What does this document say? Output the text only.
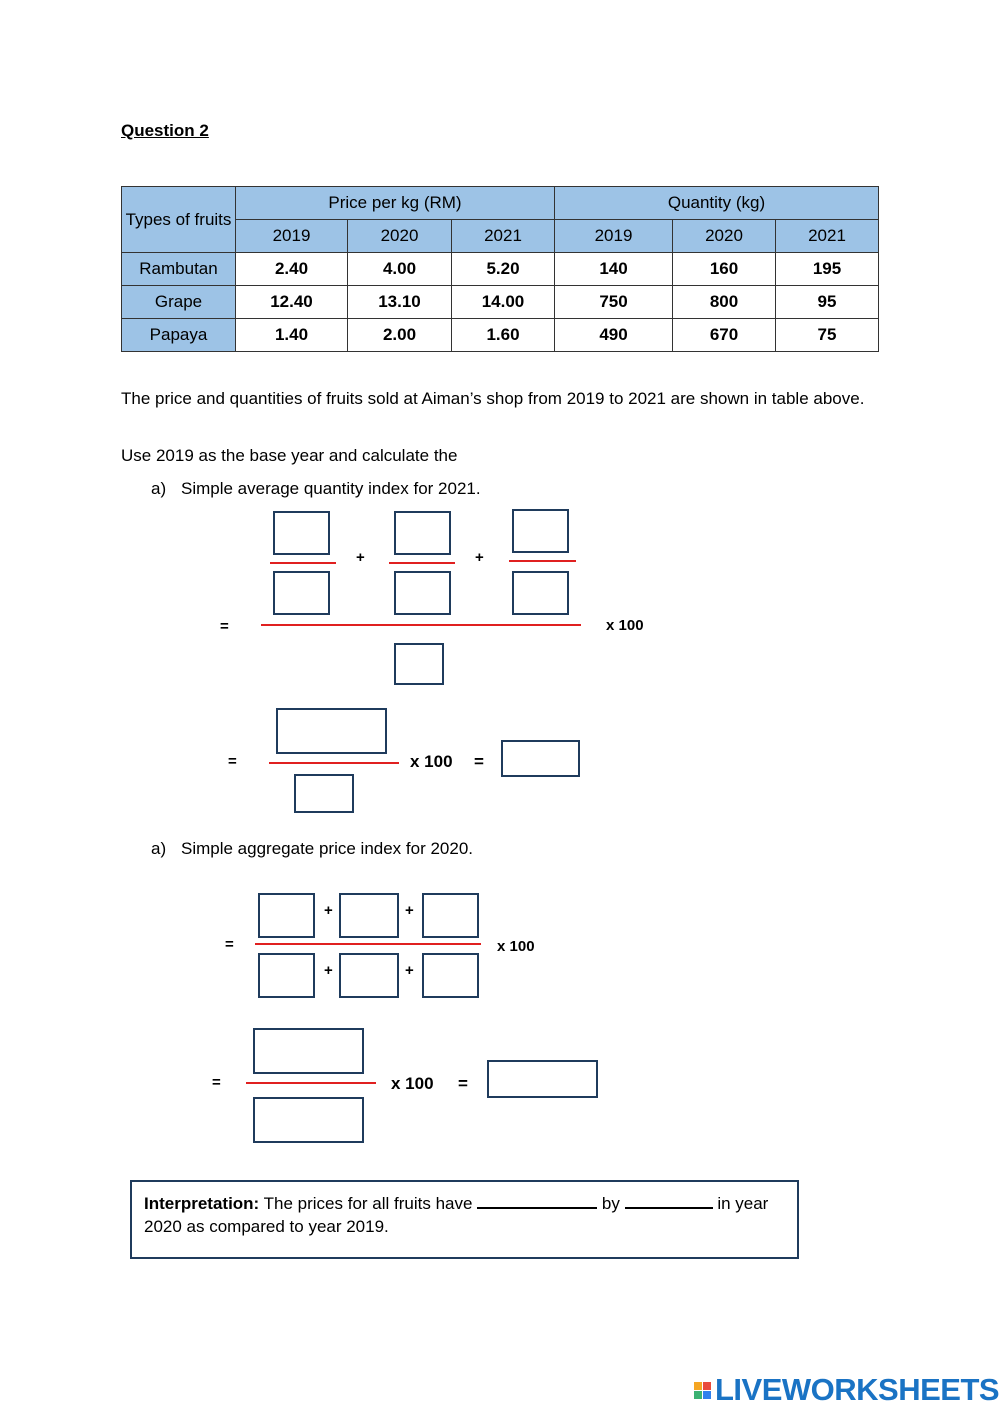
Question 2
Types of fruits	Price per kg (RM)			Quantity (kg)		
	2019	2020	2021	2019	2020	2021
Rambutan	2.40	4.00	5.20	140	160	195
Grape	12.40	13.10	14.00	750	800	95
Papaya	1.40	2.00	1.60	490	670	75
The price and quantities of fruits sold at Aiman’s shop from 2019 to 2021 are shown in table above.
Use 2019 as the base year and calculate the
a) Simple average quantity index for 2021.
+	+
=	x 100
=	x 100 =
a) Simple aggregate price index for 2020.
+	+
=	x 100
+	+
=	x 100 =
Interpretation: The prices for all fruits have	by	in year 2020 as compared to year 2019.
LIVEWORKSHEETS
